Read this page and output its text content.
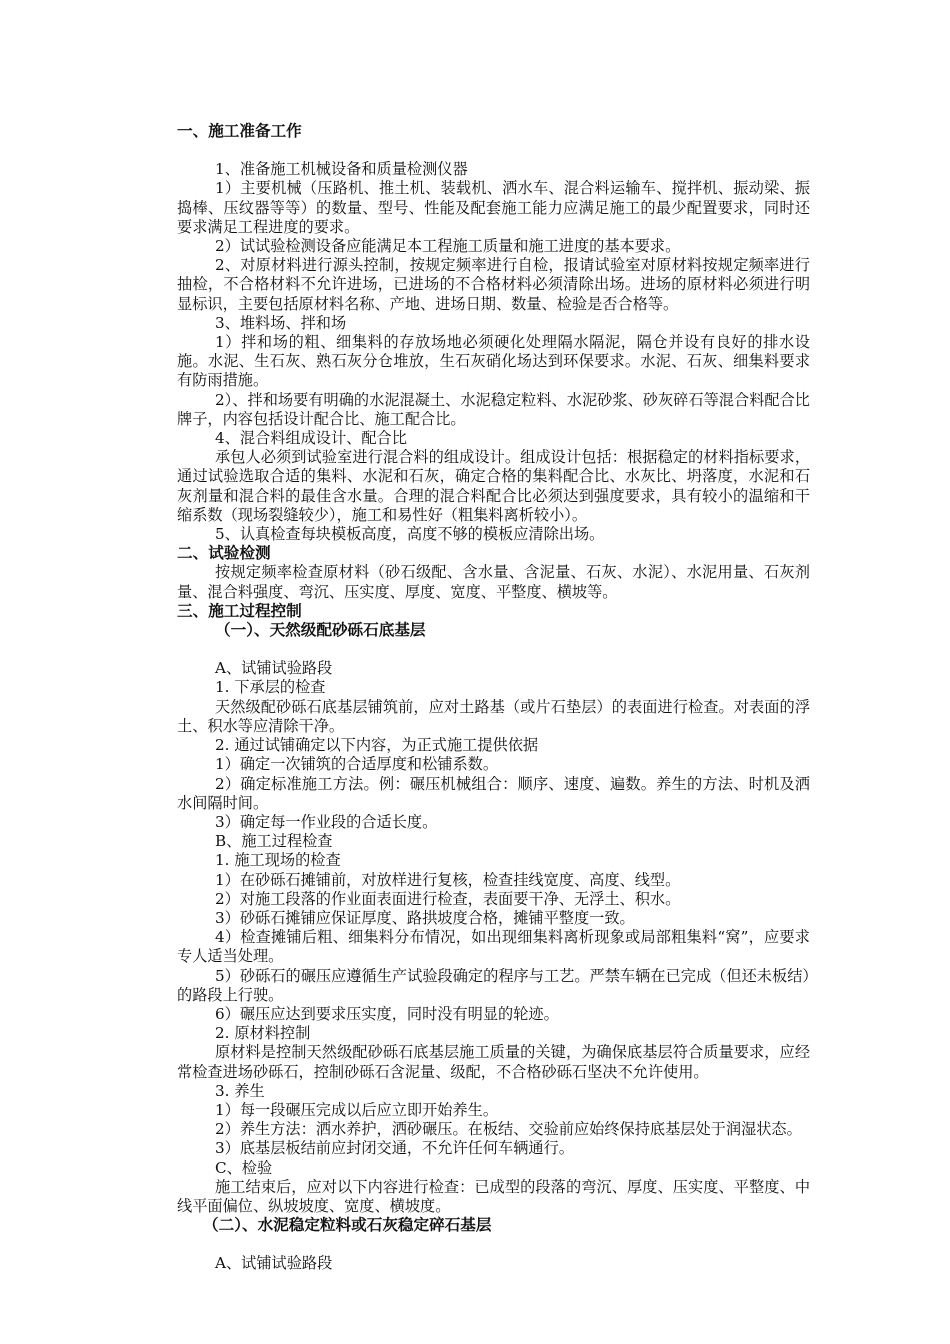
一、施工准备工作
1、准备施工机械设备和质量检测仪器
1）主要机械（压路机、推土机、装载机、洒水车、混合料运输车、搅拌机、振动梁、振捣棒、压纹器等等）的数量、型号、性能及配套施工能力应满足施工的最少配置要求，同时还要求满足工程进度的要求。
2）试试验检测设备应能满足本工程施工质量和施工进度的基本要求。
2、对原材料进行源头控制，按规定频率进行自检，报请试验室对原材料按规定频率进行抽检，不合格材料不允许进场，已进场的不合格材料必须清除出场。进场的原材料必须进行明显标识，主要包括原材料名称、产地、进场日期、数量、检验是否合格等。
3、堆料场、拌和场
1）拌和场的粗、细集料的存放场地必须硬化处理隔水隔泥，隔仓并设有良好的排水设施。水泥、生石灰、熟石灰分仓堆放，生石灰硝化场达到环保要求。水泥、石灰、细集料要求有防雨措施。
2）、拌和场要有明确的水泥混凝土、水泥稳定粒料、水泥砂浆、砂灰碎石等混合料配合比牌子，内容包括设计配合比、施工配合比。
4、混合料组成设计、配合比
承包人必须到试验室进行混合料的组成设计。组成设计包括：根据稳定的材料指标要求，通过试验选取合适的集料、水泥和石灰，确定合格的集料配合比、水灰比、坍落度，水泥和石灰剂量和混合料的最佳含水量。合理的混合料配合比必须达到强度要求，具有较小的温缩和干缩系数（现场裂缝较少），施工和易性好（粗集料离析较小）。
5、认真检查每块模板高度，高度不够的模板应清除出场。
二、试验检测
按规定频率检查原材料（砂石级配、含水量、含泥量、石灰、水泥）、水泥用量、石灰剂量、混合料强度、弯沉、压实度、厚度、宽度、平整度、横坡等。
三、施工过程控制
（一）、天然级配砂砾石底基层
A、试铺试验路段
1. 下承层的检查
天然级配砂砾石底基层铺筑前，应对土路基（或片石垫层）的表面进行检查。对表面的浮土、积水等应清除干净。
2. 通过试铺确定以下内容，为正式施工提供依据
1）确定一次铺筑的合适厚度和松铺系数。
2）确定标准施工方法。例：碾压机械组合：顺序、速度、遍数。养生的方法、时机及洒水间隔时间。
3）确定每一作业段的合适长度。
B、施工过程检查
1. 施工现场的检查
1）在砂砾石摊铺前，对放样进行复核，检查挂线宽度、高度、线型。
2）对施工段落的作业面表面进行检查，表面要干净、无浮土、积水。
3）砂砾石摊铺应保证厚度、路拱坡度合格，摊铺平整度一致。
4）检查摊铺后粗、细集料分布情况，如出现细集料离析现象或局部粗集料“窝”，应要求专人适当处理。
5）砂砾石的碾压应遵循生产试验段确定的程序与工艺。严禁车辆在已完成（但还未板结）的路段上行驶。
6）碾压应达到要求压实度，同时没有明显的轮迹。
2. 原材料控制
原材料是控制天然级配砂砾石底基层施工质量的关键，为确保底基层符合质量要求，应经常检查进场砂砾石，控制砂砾石含泥量、级配，不合格砂砾石坚决不允许使用。
3. 养生
1）每一段碾压完成以后应立即开始养生。
2）养生方法：洒水养护，洒砂碾压。在板结、交验前应始终保持底基层处于润湿状态。
3）底基层板结前应封闭交通，不允许任何车辆通行。
C、检验
施工结束后，应对以下内容进行检查：已成型的段落的弯沉、厚度、压实度、平整度、中线平面偏位、纵坡坡度、宽度、横坡度。
（二）、水泥稳定粒料或石灰稳定碎石基层
A、试铺试验路段
